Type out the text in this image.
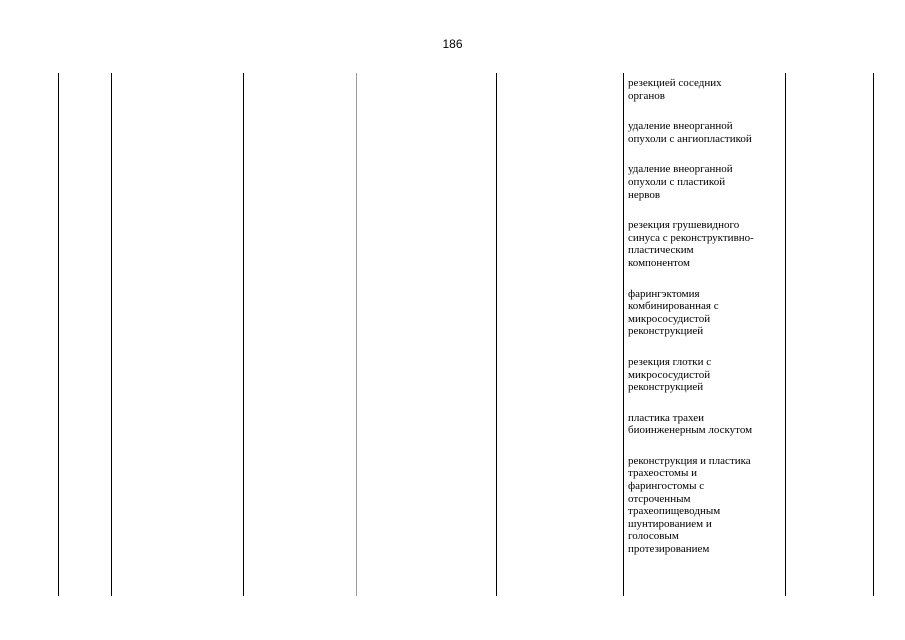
186
резекцией соседних
органов
удаление внеорганной
опухоли с ангиопластикой
удаление внеорганной
опухоли с пластикой
нервов
резекция грушевидного
синуса с реконструктивно-
пластическим
компонентом
фарингэктомия
комбинированная с
микрососудистой
реконструкцией
резекция глотки с
микрососудистой
реконструкцией
пластика трахеи
биоинженерным лоскутом
реконструкция и пластика
трахеостомы и
фарингостомы с
отсроченным
трахеопищеводным
шунтированием и
голосовым
протезированием
